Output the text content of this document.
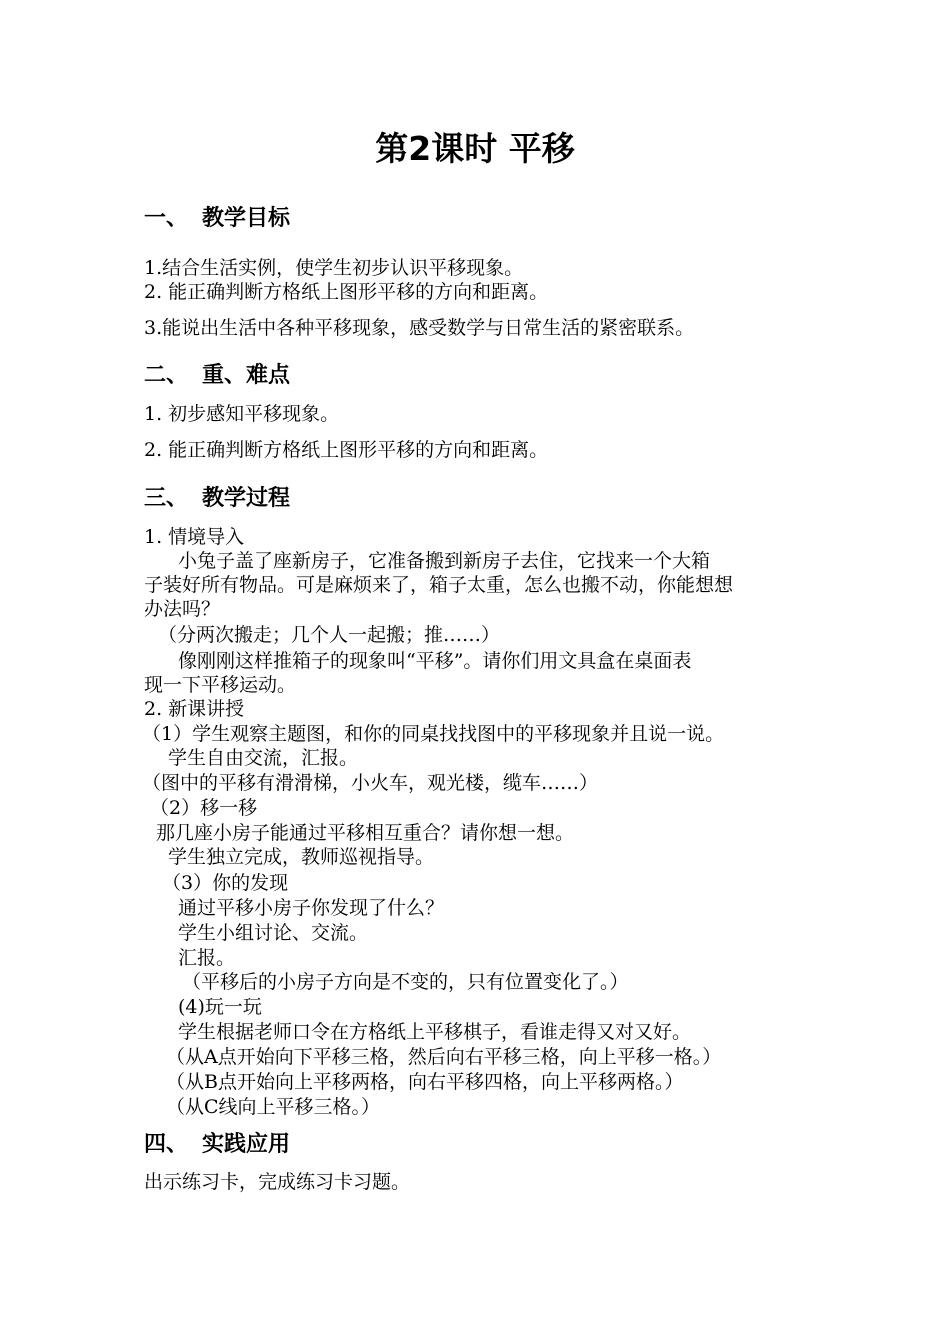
第2课时 平移
一、 教学目标
1.结合生活实例，使学生初步认识平移现象。
2. 能正确判断方格纸上图形平移的方向和距离。
3.能说出生活中各种平移现象，感受数学与日常生活的紧密联系。
二、 重、难点
1. 初步感知平移现象。
2. 能正确判断方格纸上图形平移的方向和距离。
三、 教学过程
1. 情境导入
小兔子盖了座新房子，它准备搬到新房子去住，它找来一个大箱
子装好所有物品。可是麻烦来了，箱子太重，怎么也搬不动，你能想想
办法吗？
（分两次搬走；几个人一起搬；推……）
像刚刚这样推箱子的现象叫“平移”。请你们用文具盒在桌面表
现一下平移运动。
2. 新课讲授
（1）学生观察主题图，和你的同桌找找图中的平移现象并且说一说。
学生自由交流，汇报。
（图中的平移有滑滑梯，小火车，观光楼，缆车……）
（2）移一移
那几座小房子能通过平移相互重合？请你想一想。
学生独立完成，教师巡视指导。
（3）你的发现
通过平移小房子你发现了什么？
学生小组讨论、交流。
汇报。
（平移后的小房子方向是不变的，只有位置变化了。）
(4)玩一玩
学生根据老师口令在方格纸上平移棋子，看谁走得又对又好。
（从A点开始向下平移三格，然后向右平移三格，向上平移一格。）
（从B点开始向上平移两格，向右平移四格，向上平移两格。）
（从C线向上平移三格。）
四、 实践应用
出示练习卡，完成练习卡习题。
